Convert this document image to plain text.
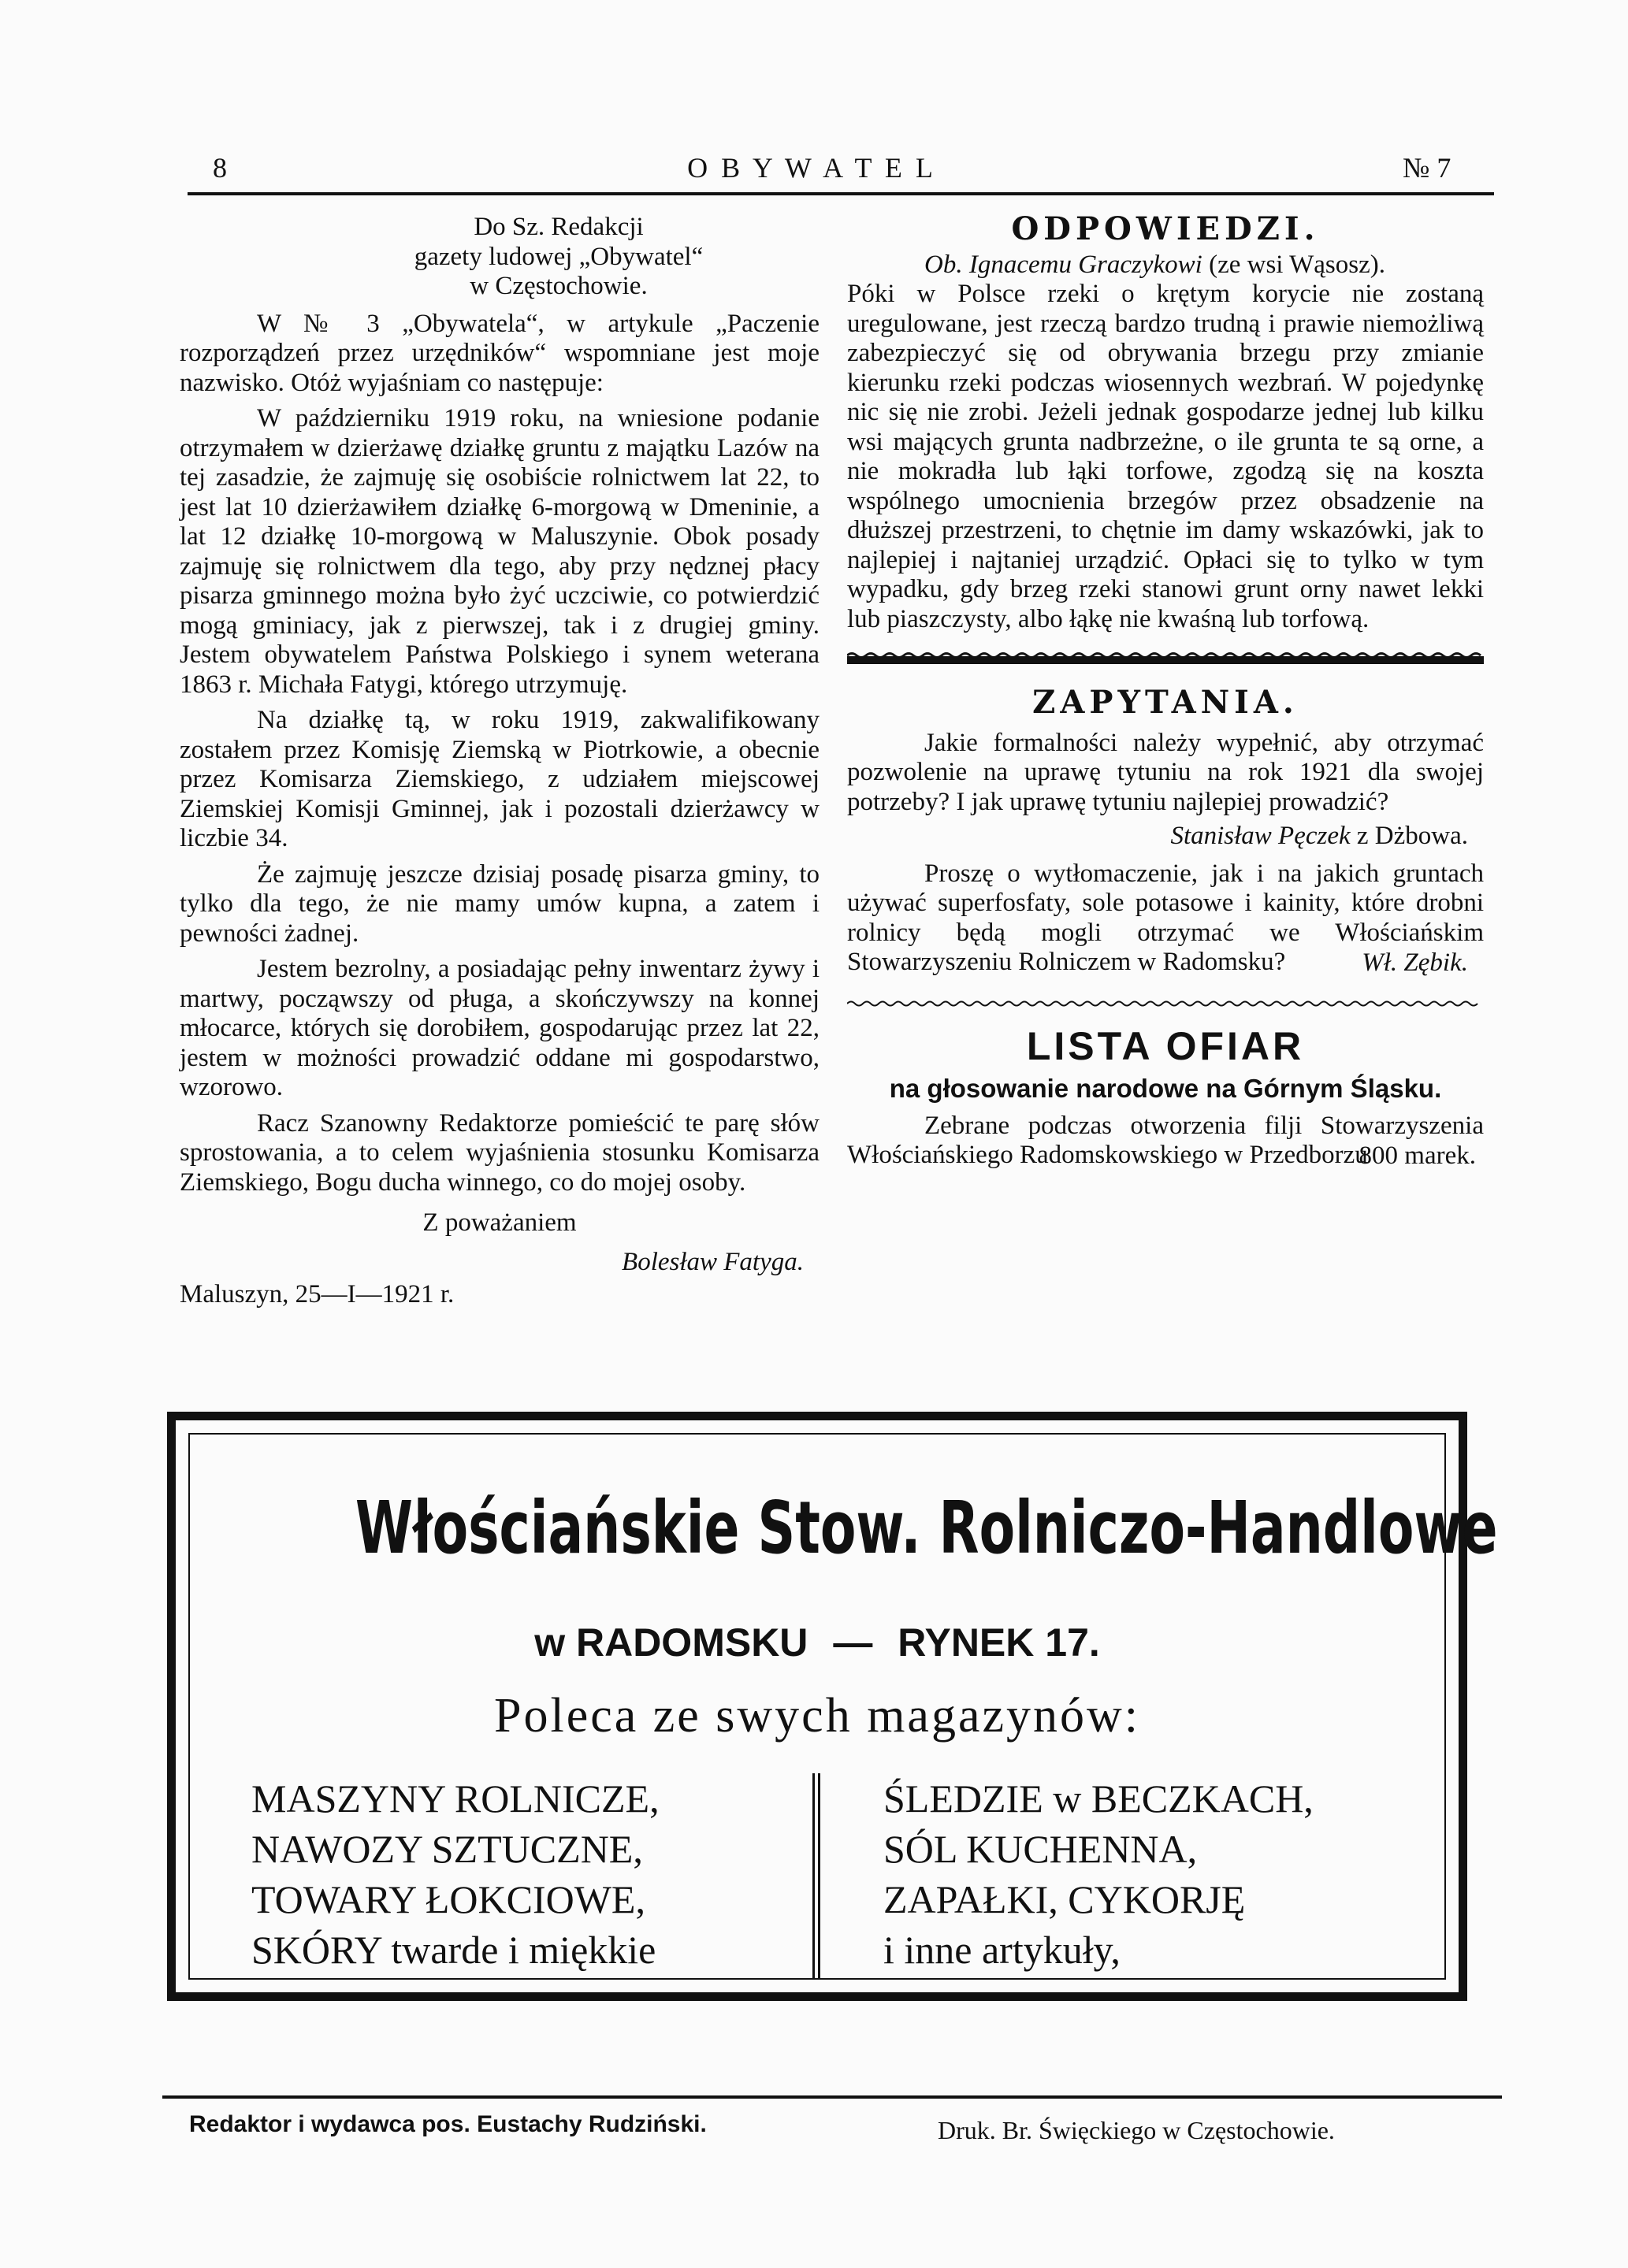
8	O B Y W A T E L	№ 7
Do Sz. Redakcji
gazety ludowej „Obywatel“
w Częstochowie.

W № 3 „Obywatela“, w artykule „Paczenie rozporządzeń przez urzędników“ wspomniane jest moje nazwisko. Otóż wyjaśniam co następuje:

W październiku 1919 roku, na wniesione podanie otrzymałem w dzierżawę działkę gruntu z majątku Lazów na tej zasadzie, że zajmuję się osobiście rolnictwem lat 22, to jest lat 10 dzierżawiłem działkę 6-morgową w Dmeninie, a lat 12 działkę 10-morgową w Maluszynie. Obok posady zajmuję się rolnictwem dla tego, aby przy nędznej płacy pisarza gminnego można było żyć uczciwie, co potwierdzić mogą gminiacy, jak z pierwszej, tak i z drugiej gminy. Jestem obywatelem Państwa Polskiego i synem weterana 1863 r. Michała Fatygi, którego utrzymuję.

Na działkę tą, w roku 1919, zakwalifikowany zostałem przez Komisję Ziemską w Piotrkowie, a obecnie przez Komisarza Ziemskiego, z udziałem miejscowej Ziemskiej Komisji Gminnej, jak i pozostali dzierżawcy w liczbie 34.

Że zajmuję jeszcze dzisiaj posadę pisarza gminy, to tylko dla tego, że nie mamy umów kupna, a zatem i pewności żadnej.

Jestem bezrolny, a posiadając pełny inwentarz żywy i martwy, począwszy od pługa, a skończywszy na konnej młocarce, których się dorobiłem, gospodarując przez lat 22, jestem w możności prowadzić oddane mi gospodarstwo, wzorowo.

Racz Szanowny Redaktorze pomieścić te parę słów sprostowania, a to celem wyjaśnienia stosunku Komisarza Ziemskiego, Bogu ducha winnego, co do mojej osoby.

Z poważaniem
Bolesław Fatyga.
Maluszyn, 25—I—1921 r.
ODPOWIEDZI.

Ob. Ignacemu Graczykowi (ze wsi Wąsosz).

Póki w Polsce rzeki o krętym korycie nie zostaną uregulowane, jest rzeczą bardzo trudną i prawie niemożliwą zabezpieczyć się od obrywania brzegu przy zmianie kierunku rzeki podczas wiosennych wezbrań. W pojedynkę nic się nie zrobi. Jeżeli jednak gospodarze jednej lub kilku wsi mających grunta nadbrzeżne, o ile grunta te są orne, a nie mokradła lub łąki torfowe, zgodzą się na koszta wspólnego umocnienia brzegów przez obsadzenie na dłuższej przestrzeni, to chętnie im damy wskazówki, jak to najlepiej i najtaniej urządzić. Opłaci się to tylko w tym wypadku, gdy brzeg rzeki stanowi grunt orny nawet lekki lub piaszczysty, albo łąkę nie kwaśną lub torfową.

ZAPYTANIA.

Jakie formalności należy wypełnić, aby otrzymać pozwolenie na uprawę tytuniu na rok 1921 dla swojej potrzeby? I jak uprawę tytuniu najlepiej prowadzić?

Stanisław Pęczek z Dżbowa.

Proszę o wytłomaczenie, jak i na jakich gruntach używać superfosfaty, sole potasowe i kainity, które drobni rolnicy będą mogli otrzymać we Włościańskim Stowarzyszeniu Rolniczem w Radomsku?	Wł. Zębik.
LISTA OFIAR
na głosowanie narodowe na Górnym Śląsku.

Zebrane podczas otworzenia filji Stowarzyszenia Włościańskiego Radomskowskiego w Przedborzu

800 marek.
Włościańskie Stow. Rolniczo-Handlowe
w RADOMSKU — RYNEK 17.
Poleca ze swych magazynów:
MASZYNY ROLNICZE,
NAWOZY SZTUCZNE,
TOWARY ŁOKCIOWE,
SKÓRY twarde i miękkie
ŚLEDZIE w BECZKACH,
SÓL KUCHENNA,
ZAPAŁKI, CYKORJĘ
i inne artykuły,
Redaktor i wydawca pos. Eustachy Rudziński.	Druk. Br. Święckiego w Częstochowie.
